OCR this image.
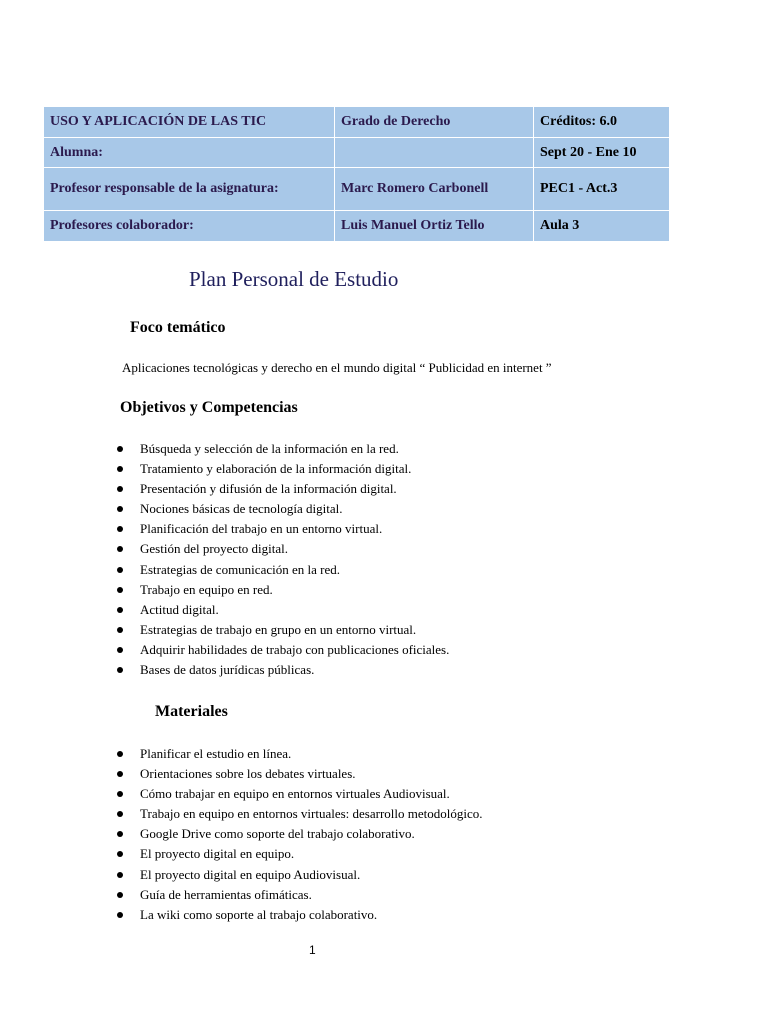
USO Y APLICACIÓN DE LAS TIC	Grado de Derecho	Créditos: 6.0
Alumna:		Sept 20 - Ene 10
Profesor responsable de la asignatura:	Marc Romero Carbonell	PEC1 - Act.3
Profesores colaborador:	Luis Manuel Ortiz Tello	Aula 3
Plan Personal de Estudio
Foco temático

Aplicaciones tecnológicas y derecho en el mundo digital “ Publicidad en internet ”

Objetivos y Competencias
Búsqueda y selección de la información en la red.
Tratamiento y elaboración de la información digital.
Presentación y difusión de la información digital.
Nociones básicas de tecnología digital.
Planificación del trabajo en un entorno virtual.
Gestión del proyecto digital.
Estrategias de comunicación en la red.
Trabajo en equipo en red.
Actitud digital.
Estrategias de trabajo en grupo en un entorno virtual.
Adquirir habilidades de trabajo con publicaciones oficiales.
Bases de datos jurídicas públicas.
Materiales
Planificar el estudio en línea.
Orientaciones sobre los debates virtuales.
Cómo trabajar en equipo en entornos virtuales Audiovisual.
Trabajo en equipo en entornos virtuales: desarrollo metodológico.
Google Drive como soporte del trabajo colaborativo.
El proyecto digital en equipo.
El proyecto digital en equipo Audiovisual.
Guía de herramientas ofimáticas.
La wiki como soporte al trabajo colaborativo.

1
